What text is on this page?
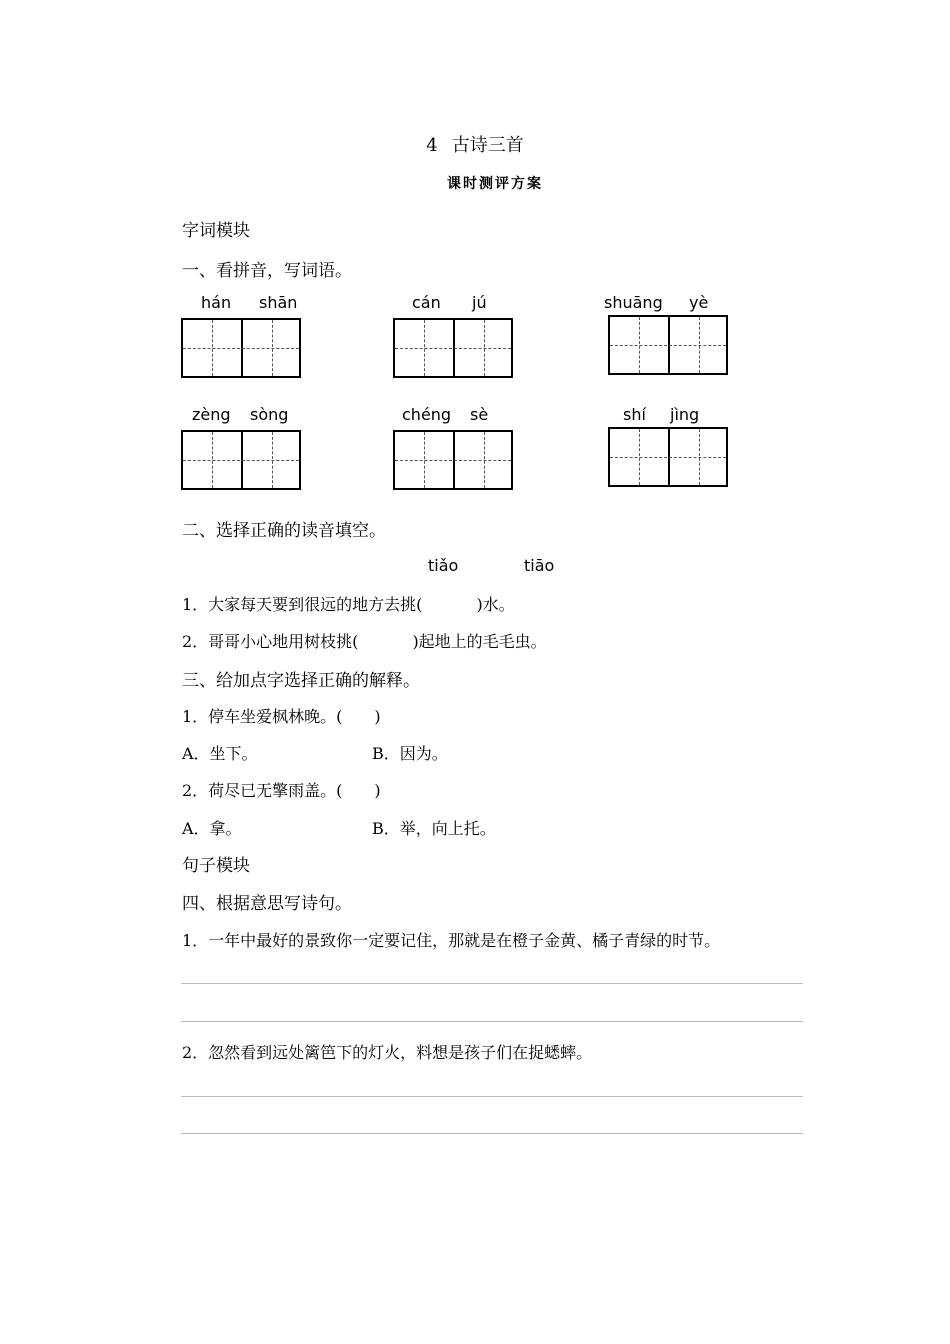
4 古诗三首
课时测评方案
字词模块
一、看拼音，写词语。
hán shān	cán jú	shuāng yè
zèng sòng	chéng sè	shí jìng
二、选择正确的读音填空。
tiǎo	tiāo
1．大家每天要到很远的地方去挑(	)水。
2．哥哥小心地用树枝挑(	)起地上的毛毛虫。
三、给加点字选择正确的解释。
1．停车坐爱枫林晚。(　　)
A．坐下。	B．因为。
2．荷尽已无擎雨盖。(　　)
A．拿。	B．举，向上托。
句子模块
四、根据意思写诗句。
1．一年中最好的景致你一定要记住，那就是在橙子金黄、橘子青绿的时节。
2．忽然看到远处篱笆下的灯火，料想是孩子们在捉蟋蟀。
